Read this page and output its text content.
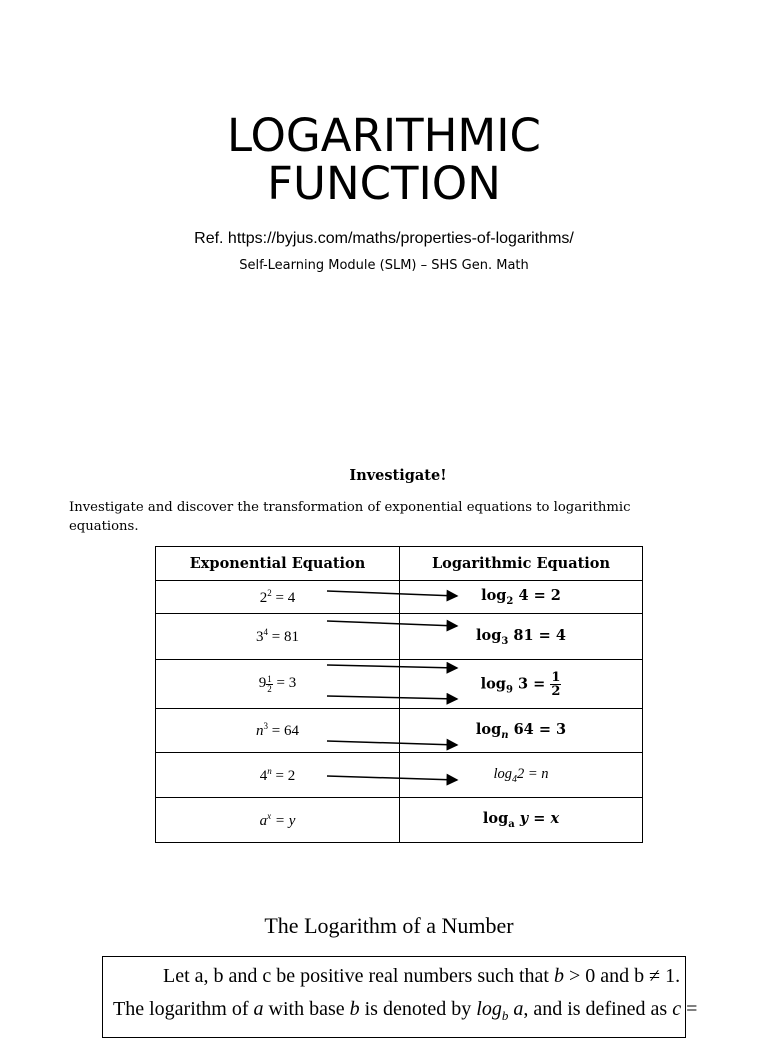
LOGARITHMIC
FUNCTION
Ref. https://byjus.com/maths/properties-of-logarithms/
Self-Learning Module (SLM) – SHS Gen. Math
Investigate!
Investigate and discover the transformation of exponential equations to logarithmic
equations.
Exponential Equation	Logarithmic Equation
$2^2 = 4$	$\log_2 4 = 2$
$3^4 = 81$	$\log_3 81 = 4$
$9 \frac{1}{2} = 3$	$\log_9 3 = \frac{1}{2}$
$n^3 = 64$	$\log_n 64 = 3$
$4^n = 2$	$\log_42 = n$
$a^x = y$	$\log_a y = x$
The Logarithm of a Number
Let a, b and c be positive real numbers such that b > 0 and b ≠ 1.
The logarithm of a with base b is denoted by $\log_b a$, and is defined as c =
